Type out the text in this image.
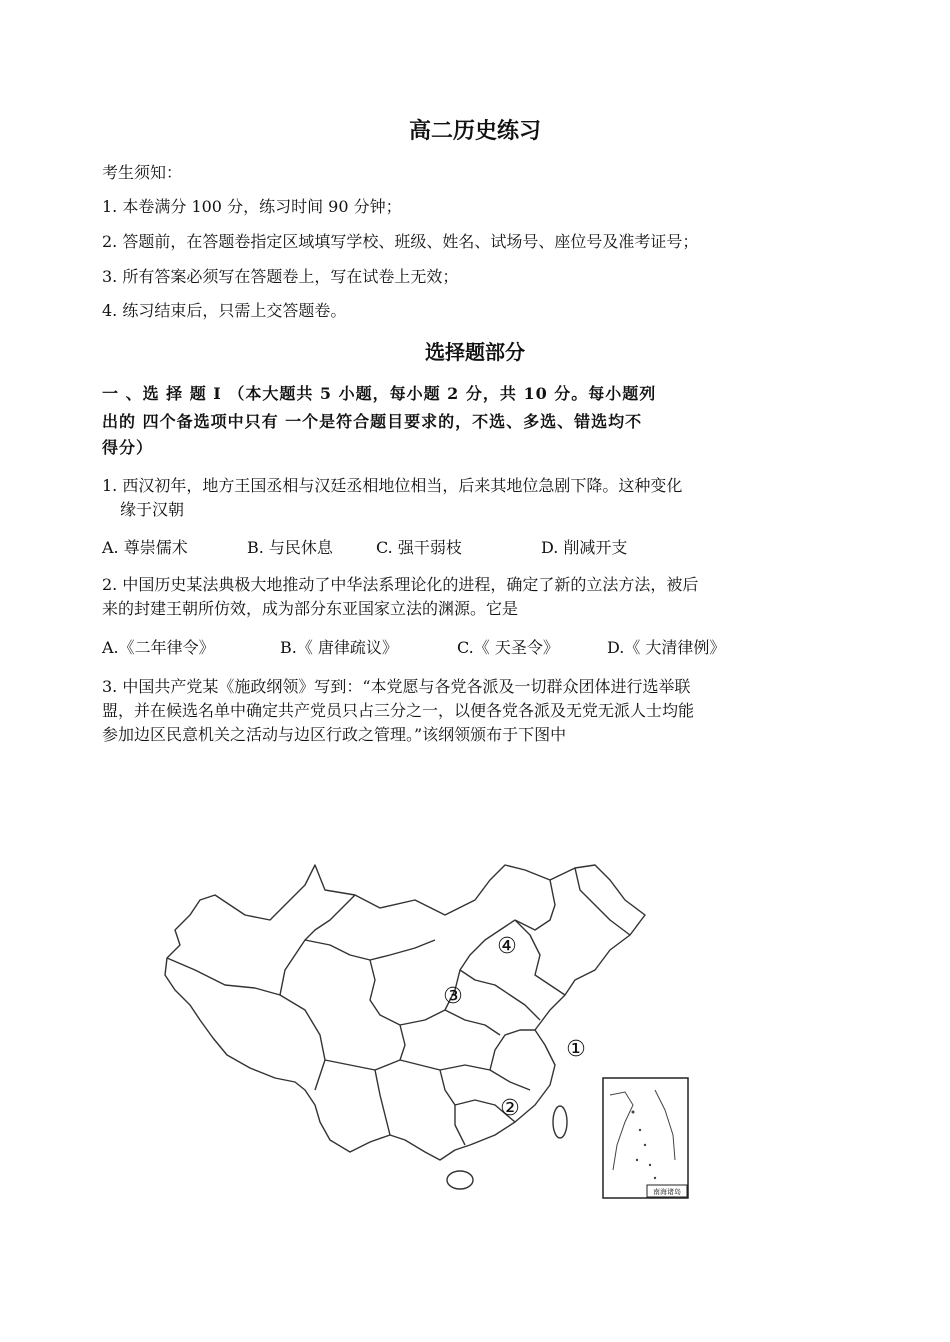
高二历史练习
考生须知：
1. 本卷满分 100 分，练习时间 90 分钟；
2. 答题前，在答题卷指定区域填写学校、班级、姓名、试场号、座位号及准考证号；
3. 所有答案必须写在答题卷上，写在试卷上无效；
4. 练习结束后，只需上交答题卷。
选择题部分
一 、选 择 题 I （本大题共 5 小题，每小题 2 分，共 10 分。每小题列
出的 四个备选项中只有 一个是符合题目要求的，不选、多选、错选均不
得分）
1. 西汉初年，地方王国丞相与汉廷丞相地位相当，后来其地位急剧下降。这种变化
缘于汉朝
A. 尊崇儒术	B. 与民休息	C. 强干弱枝	D. 削减开支
2. 中国历史某法典极大地推动了中华法系理论化的进程，确定了新的立法方法，被后
来的封建王朝所仿效，成为部分东亚国家立法的渊源。它是
A.《二年律令》	B.《 唐律疏议》	C.《 天圣令》	D.《 大清律例》
3. 中国共产党某《施政纲领》写到：“本党愿与各党各派及一切群众团体进行选举联
盟，并在候选名单中确定共产党员只占三分之一，以便各党各派及无党无派人士均能
参加边区民意机关之活动与边区行政之管理。”该纲领颁布于下图中
①
②
③
④
南海诸岛
